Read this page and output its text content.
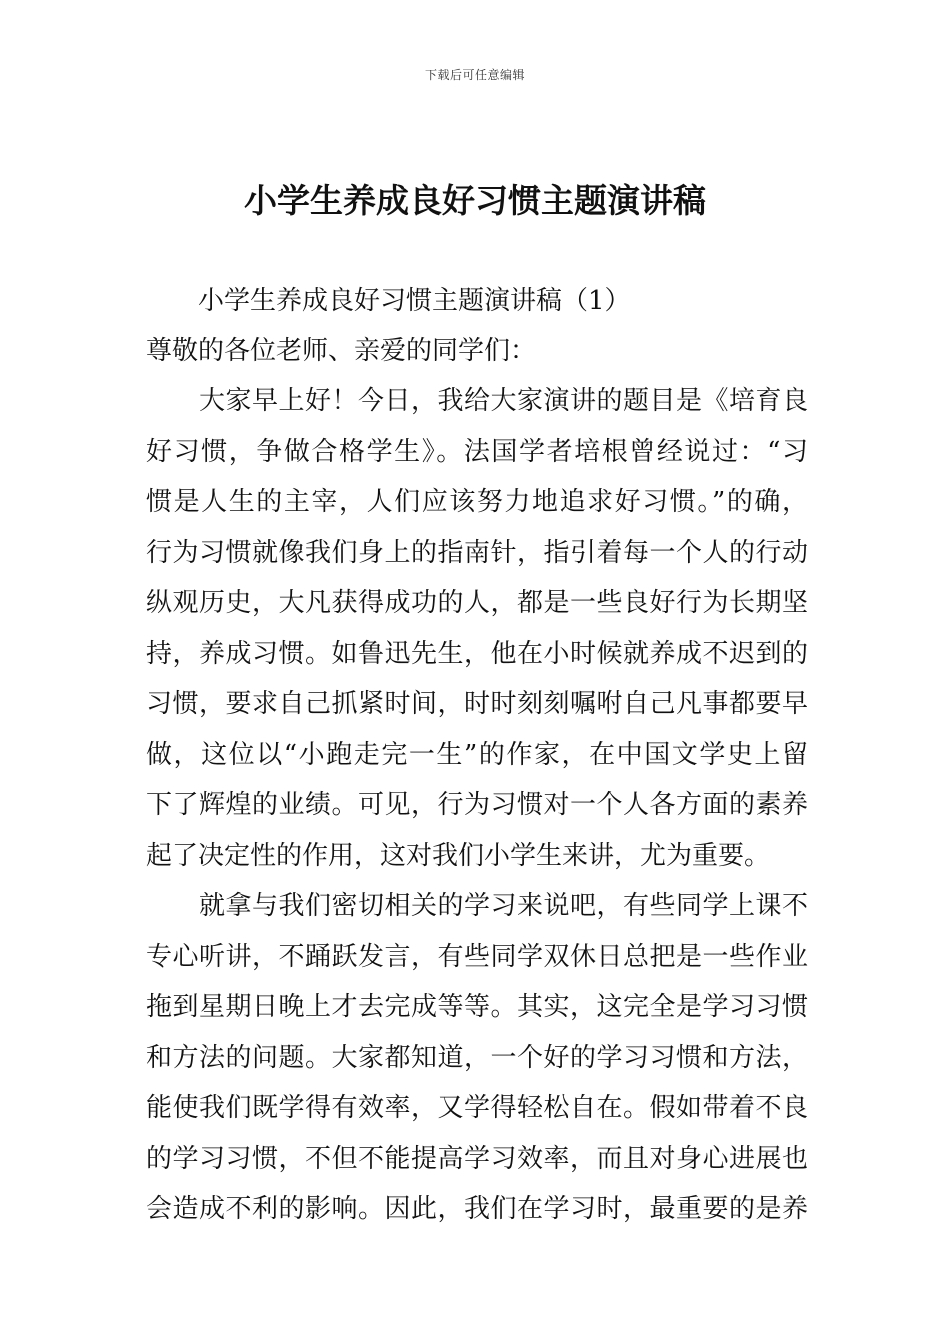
下载后可任意编辑
小学生养成良好习惯主题演讲稿
小学生养成良好习惯主题演讲稿（1）
尊敬的各位老师、亲爱的同学们：
　　大家早上好！今日，我给大家演讲的题目是《培育良
好习惯，争做合格学生》。法国学者培根曾经说过：“习
惯是人生的主宰，人们应该努力地追求好习惯。”的确，
行为习惯就像我们身上的指南针，指引着每一个人的行动
纵观历史，大凡获得成功的人，都是一些良好行为长期坚
持，养成习惯。如鲁迅先生，他在小时候就养成不迟到的
习惯，要求自己抓紧时间，时时刻刻嘱咐自己凡事都要早
做，这位以“小跑走完一生”的作家，在中国文学史上留
下了辉煌的业绩。可见，行为习惯对一个人各方面的素养
起了决定性的作用，这对我们小学生来讲，尤为重要。
　　就拿与我们密切相关的学习来说吧，有些同学上课不
专心听讲，不踊跃发言，有些同学双休日总把是一些作业
拖到星期日晚上才去完成等等。其实，这完全是学习习惯
和方法的问题。大家都知道，一个好的学习习惯和方法，
能使我们既学得有效率，又学得轻松自在。假如带着不良
的学习习惯，不但不能提高学习效率，而且对身心进展也
会造成不利的影响。因此，我们在学习时，最重要的是养
